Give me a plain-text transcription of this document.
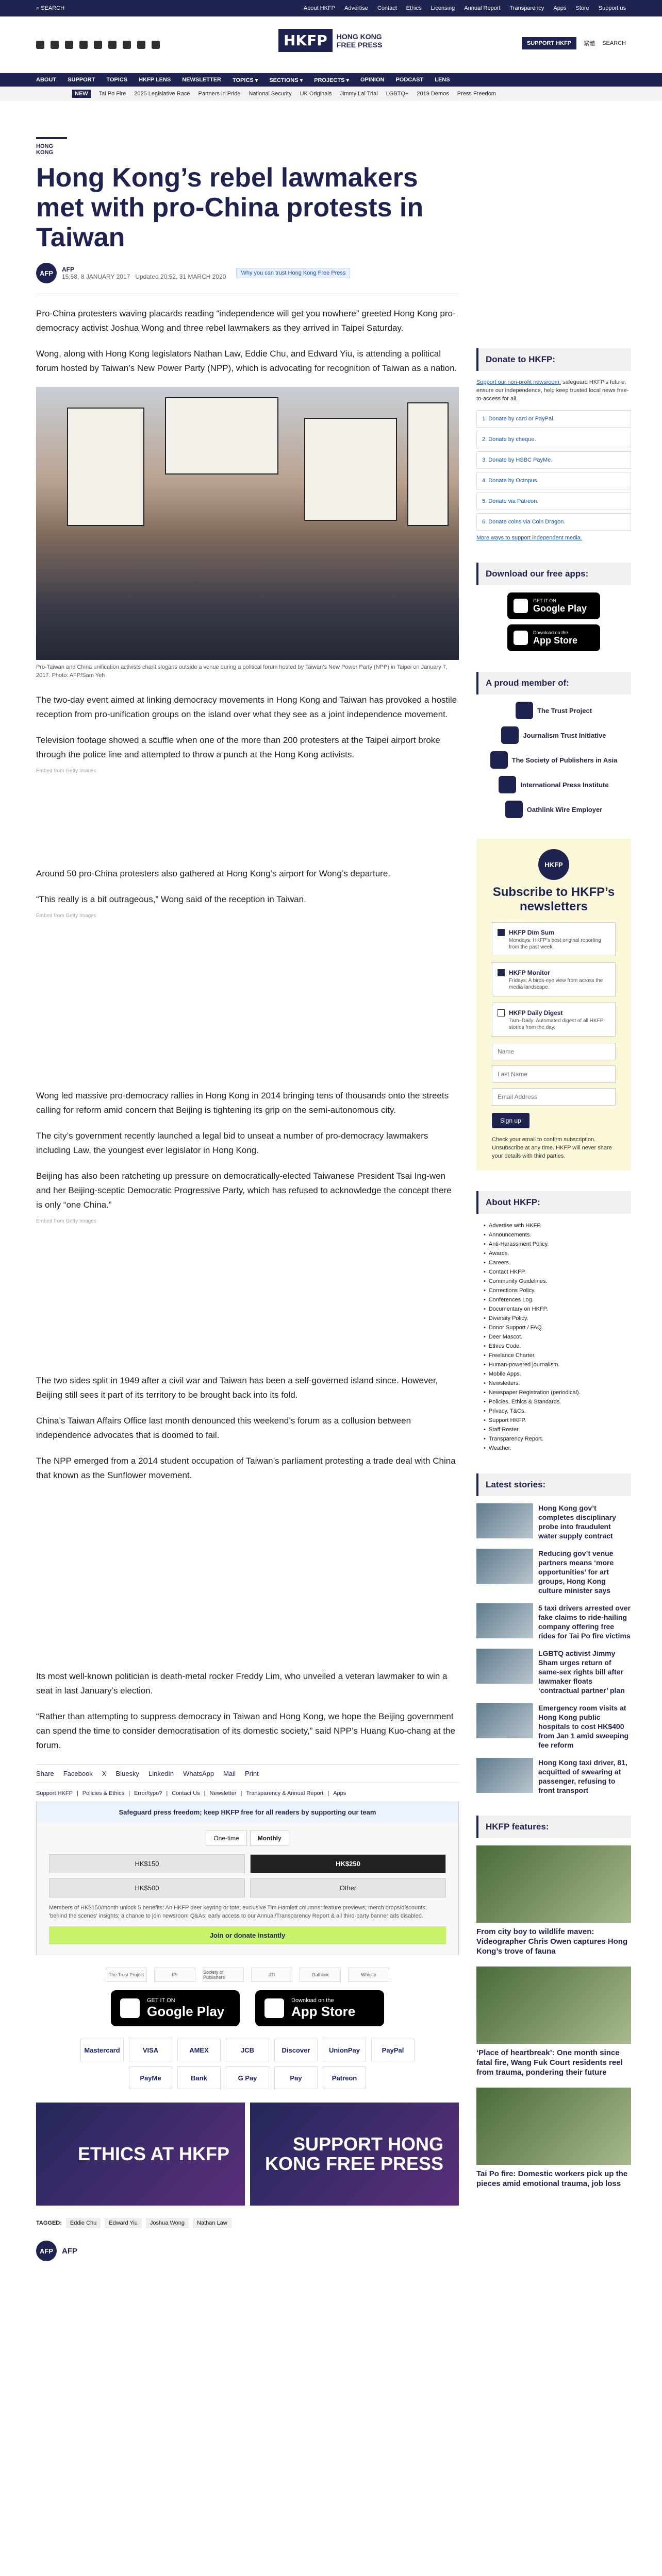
⌕ SEARCH	About HKFP Advertise Contact Ethics Licensing Annual Report Transparency Apps Store Support us
HKFP	HONG KONG
FREE PRESS	SUPPORT HKFP	繁體 SEARCH
ABOUT SUPPORT TOPICS HKFP LENS NEWSLETTER TOPICS ▾ SECTIONS ▾ PROJECTS ▾ OPINION PODCAST LENS
NEW	Tai Po Fire 2025 Legislative Race Partners in Pride National Security UK Originals Jimmy Lai Trial LGBTQ+ 2019 Demos Press Freedom
HONG KONG
Hong Kong’s rebel lawmakers met with pro-China protests in Taiwan
AFP	AFP
15:58, 8 JANUARY 2017 Updated 20:52, 31 MARCH 2020	Why you can trust Hong Kong Free Press

Pro-China protesters waving placards reading “independence will get you nowhere” greeted Hong Kong pro-democracy activist Joshua Wong and three rebel lawmakers as they arrived in Taipei Saturday.

Wong, along with Hong Kong legislators Nathan Law, Eddie Chu, and Edward Yiu, is attending a political forum hosted by Taiwan’s New Power Party (NPP), which is advocating for recognition of Taiwan as a nation.

Pro-Taiwan and China unification activists chant slogans outside a venue during a political forum hosted by Taiwan’s New Power Party (NPP) in Taipei on January 7, 2017. Photo: AFP/Sam Yeh

The two-day event aimed at linking democracy movements in Hong Kong and Taiwan has provoked a hostile reception from pro-unification groups on the island over what they see as a joint independence movement.

Television footage showed a scuffle when one of the more than 200 protesters at the Taipei airport broke through the police line and attempted to throw a punch at the Hong Kong activists.

Embed from Getty Images

Around 50 pro-China protesters also gathered at Hong Kong’s airport for Wong’s departure.

“This really is a bit outrageous,” Wong said of the reception in Taiwan.

Embed from Getty Images

Wong led massive pro-democracy rallies in Hong Kong in 2014 bringing tens of thousands onto the streets calling for reform amid concern that Beijing is tightening its grip on the semi-autonomous city.

The city’s government recently launched a legal bid to unseat a number of pro-democracy lawmakers including Law, the youngest ever legislator in Hong Kong.

Beijing has also been ratcheting up pressure on democratically-elected Taiwanese President Tsai Ing-wen and her Beijing-sceptic Democratic Progressive Party, which has refused to acknowledge the concept there is only “one China.”

Embed from Getty Images

The two sides split in 1949 after a civil war and Taiwan has been a self-governed island since. However, Beijing still sees it part of its territory to be brought back into its fold.

China’s Taiwan Affairs Office last month denounced this weekend’s forum as a collusion between independence advocates that is doomed to fail.

The NPP emerged from a 2014 student occupation of Taiwan’s parliament protesting a trade deal with China that known as the Sunflower movement.

Its most well-known politician is death-metal rocker Freddy Lim, who unveiled a veteran lawmaker to win a seat in last January’s election.

“Rather than attempting to suppress democracy in Taiwan and Hong Kong, we hope the Beijing government can spend the time to consider democratisation of its domestic society,” said NPP’s Huang Kuo-chang at the forum.

Share Facebook X Bluesky LinkedIn WhatsApp Mail Print
Support HKFP | Policies & Ethics | Error/typo? | Contact Us | Newsletter | Transparency & Annual Report | Apps
Safeguard press freedom; keep HKFP free for all readers by supporting our team
One-time	Monthly
HK$150	HK$250
HK$500	Other
Members of HK$150/month unlock 5 benefits: An HKFP deer keyring or tote; exclusive Tim Hamlett columns; feature previews; merch drops/discounts; 'behind the scenes' insights; a chance to join newsroom Q&As; early access to our Annual/Transparency Report & all third-party banner ads disabled.
Join or donate instantly
The Trust Project	IPI	Society of Publishers	JTI	Oathlink	Whistle
GET IT ON
Google Play
Download on the
App Store
Mastercard	VISA	AMEX	JCB	Discover	UnionPay	PayPal
PayMe	Bank	G Pay	Pay	Patreon
ETHICS AT HKFP	SUPPORT HONG KONG FREE PRESS
TAGGED:	Eddie Chu	Edward Yiu	Joshua Wong	Nathan Law
AFP	AFP
Donate to HKFP:

Support our non-profit newsroom: safeguard HKFP’s future, ensure our independence, help keep trusted local news free-to-access for all.

1. Donate by card or PayPal.
2. Donate by cheque.
3. Donate by HSBC PayMe.
4. Donate by Octopus.
5. Donate via Patreon.
6. Donate coins via Coin Dragon.

More ways to support independent media.

Download our free apps:
GET IT ON
Google Play
Download on the
App Store
A proud member of:
The Trust Project
Journalism Trust Initiative
The Society of Publishers in Asia
International Press Institute
Oathlink Wire Employer
HKFP
Subscribe to HKFP’s newsletters
HKFP Dim Sum

Mondays: HKFP’s best original reporting from the past week.

HKFP Monitor

Fridays: A birds-eye view from across the media landscape.

HKFP Daily Digest

7am–Daily: Automated digest of all HKFP stories from the day.

Name
Last Name
Email Address
Sign up

Check your email to confirm subscription. Unsubscribe at any time. HKFP will never share your details with third parties.

About HKFP:
• Advertise with HKFP.
• Announcements.
• Anti-Harassment Policy.
• Awards.
• Careers.
• Contact HKFP.
• Community Guidelines.
• Corrections Policy.
• Conferences Log.
• Documentary on HKFP.
• Diversity Policy.
• Donor Support / FAQ.
• Deer Mascot.
• Ethics Code.
• Freelance Charter.
• Human-powered journalism.
• Mobile Apps.
• Newsletters.
• Newspaper Registration (periodical).
• Policies, Ethics & Standards.
• Privacy, T&Cs.
• Support HKFP.
• Staff Roster.
• Transparency Report.
• Weather.
Latest stories:
Hong Kong gov’t completes disciplinary probe into fraudulent water supply contract
Reducing gov’t venue partners means ‘more opportunities’ for art groups, Hong Kong culture minister says
5 taxi drivers arrested over fake claims to ride-hailing company offering free rides for Tai Po fire victims
LGBTQ activist Jimmy Sham urges return of same-sex rights bill after lawmaker floats ‘contractual partner’ plan
Emergency room visits at Hong Kong public hospitals to cost HK$400 from Jan 1 amid sweeping fee reform
Hong Kong taxi driver, 81, acquitted of swearing at passenger, refusing to front transport
HKFP features:
From city boy to wildlife maven: Videographer Chris Owen captures Hong Kong’s trove of fauna
‘Place of heartbreak’: One month since fatal fire, Wang Fuk Court residents reel from trauma, pondering their future
Tai Po fire: Domestic workers pick up the pieces amid emotional trauma, job loss
